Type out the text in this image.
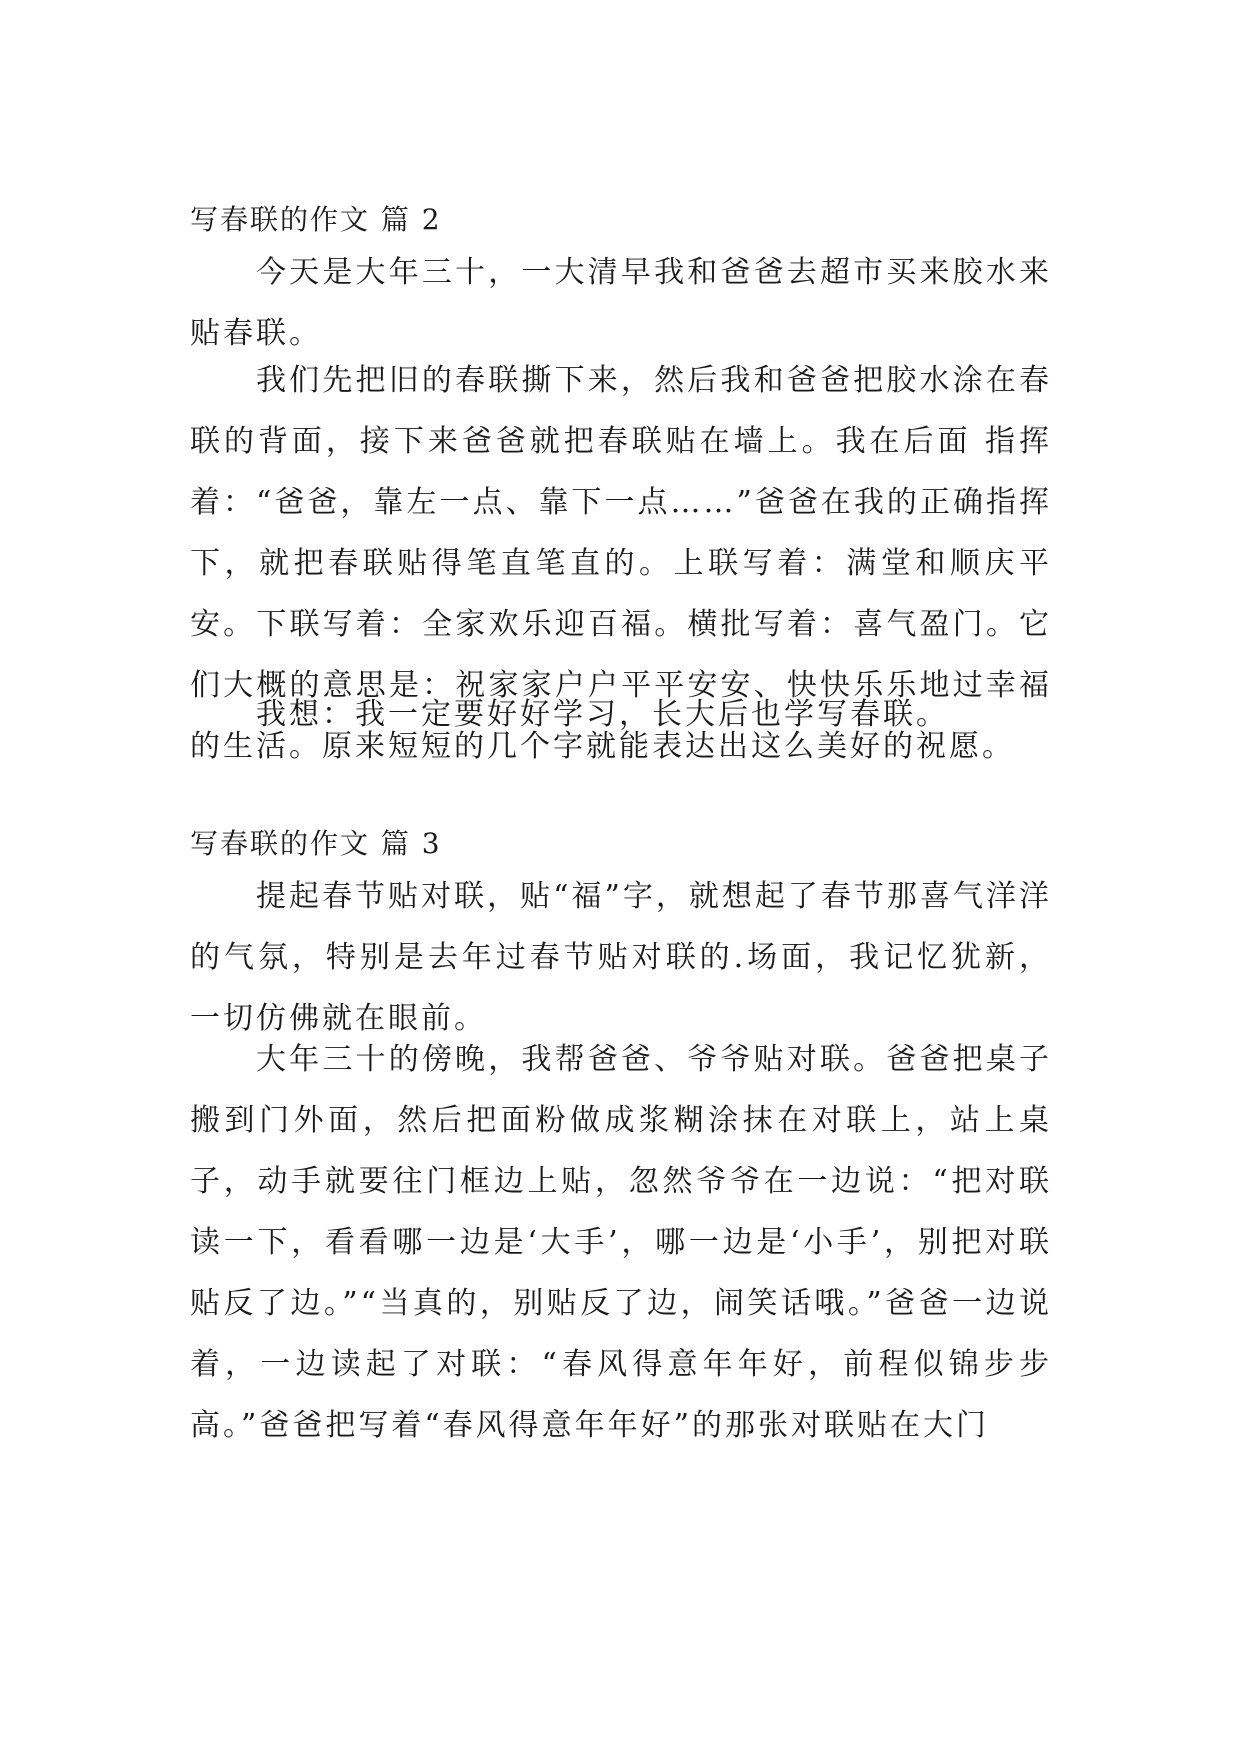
写春联的作文 篇 2

今天是大年三十，一大清早我和爸爸去超市买来胶水来贴春联。

我们先把旧的春联撕下来，然后我和爸爸把胶水涂在春联的背面，接下来爸爸就把春联贴在墙上。我在后面 指挥着：“爸爸，靠左一点、靠下一点……”爸爸在我的正确指挥下，就把春联贴得笔直笔直的。上联写着：满堂和顺庆平安。下联写着：全家欢乐迎百福。横批写着：喜气盈门。它们大概的意思是：祝家家户户平平安安、快快乐乐地过幸福的生活。原来短短的几个字就能表达出这么美好的祝愿。

我想：我一定要好好学习，长大后也学写春联。

写春联的作文 篇 3

提起春节贴对联，贴“福”字，就想起了春节那喜气洋洋的气氛，特别是去年过春节贴对联的.场面，我记忆犹新，一切仿佛就在眼前。

大年三十的傍晚，我帮爸爸、爷爷贴对联。爸爸把桌子搬到门外面，然后把面粉做成浆糊涂抹在对联上，站上桌子，动手就要往门框边上贴，忽然爷爷在一边说：“把对联读一下，看看哪一边是‘大手’，哪一边是‘小手’，别把对联贴反了边。”“当真的，别贴反了边，闹笑话哦。”爸爸一边说着，一边读起了对联：“春风得意年年好，前程似锦步步高。”爸爸把写着“春风得意年年好”的那张对联贴在大门
